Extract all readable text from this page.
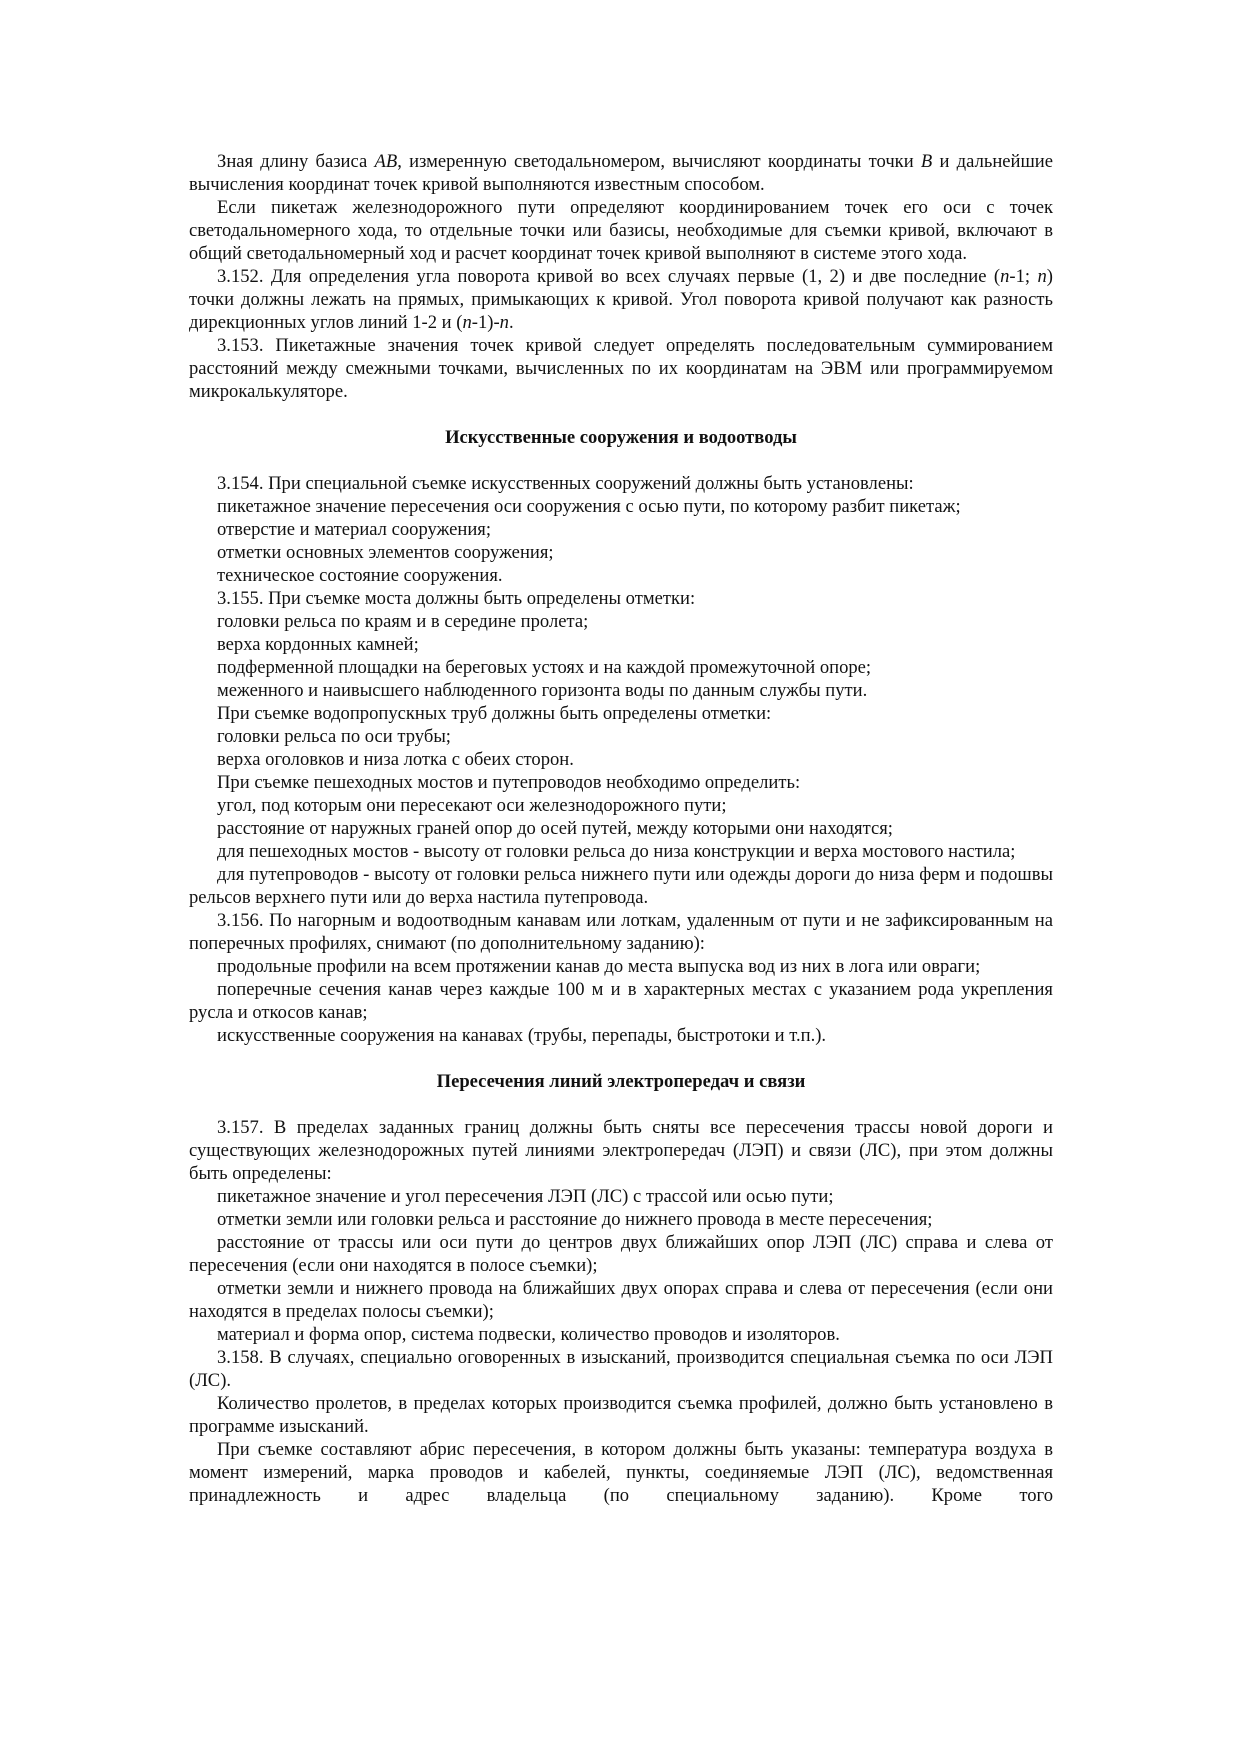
Зная длину базиса AB, измеренную светодальномером, вычисляют координаты точки B и дальнейшие вычисления координат точек кривой выполняются известным способом.

Если пикетаж железнодорожного пути определяют координированием точек его оси с точек светодальномерного хода, то отдельные точки или базисы, необходимые для съемки кривой, включают в общий светодальномерный ход и расчет координат точек кривой выполняют в системе этого хода.

3.152. Для определения угла поворота кривой во всех случаях первые (1, 2) и две последние (n-1; n) точки должны лежать на прямых, примыкающих к кривой. Угол поворота кривой получают как разность дирекционных углов линий 1-2 и (n-1)-n.

3.153. Пикетажные значения точек кривой следует определять последовательным суммированием расстояний между смежными точками, вычисленных по их координатам на ЭВМ или программируемом микрокалькуляторе.

Искусственные сооружения и водоотводы

3.154. При специальной съемке искусственных сооружений должны быть установлены:

пикетажное значение пересечения оси сооружения с осью пути, по которому разбит пикетаж;

отверстие и материал сооружения;

отметки основных элементов сооружения;

техническое состояние сооружения.

3.155. При съемке моста должны быть определены отметки:

головки рельса по краям и в середине пролета;

верха кордонных камней;

подферменной площадки на береговых устоях и на каждой промежуточной опоре;

меженного и наивысшего наблюденного горизонта воды по данным службы пути.

При съемке водопропускных труб должны быть определены отметки:

головки рельса по оси трубы;

верха оголовков и низа лотка с обеих сторон.

При съемке пешеходных мостов и путепроводов необходимо определить:

угол, под которым они пересекают оси железнодорожного пути;

расстояние от наружных граней опор до осей путей, между которыми они находятся;

для пешеходных мостов - высоту от головки рельса до низа конструкции и верха мостового настила;

для путепроводов - высоту от головки рельса нижнего пути или одежды дороги до низа ферм и подошвы рельсов верхнего пути или до верха настила путепровода.

3.156. По нагорным и водоотводным канавам или лоткам, удаленным от пути и не зафиксированным на поперечных профилях, снимают (по дополнительному заданию):

продольные профили на всем протяжении канав до места выпуска вод из них в лога или овраги;

поперечные сечения канав через каждые 100 м и в характерных местах с указанием рода укрепления русла и откосов канав;

искусственные сооружения на канавах (трубы, перепады, быстротоки и т.п.).

Пересечения линий электропередач и связи

3.157. В пределах заданных границ должны быть сняты все пересечения трассы новой дороги и существующих железнодорожных путей линиями электропередач (ЛЭП) и связи (ЛС), при этом должны быть определены:

пикетажное значение и угол пересечения ЛЭП (ЛС) с трассой или осью пути;

отметки земли или головки рельса и расстояние до нижнего провода в месте пересечения;

расстояние от трассы или оси пути до центров двух ближайших опор ЛЭП (ЛС) справа и слева от пересечения (если они находятся в полосе съемки);

отметки земли и нижнего провода на ближайших двух опорах справа и слева от пересечения (если они находятся в пределах полосы съемки);

материал и форма опор, система подвески, количество проводов и изоляторов.

3.158. В случаях, специально оговоренных в изысканий, производится специальная съемка по оси ЛЭП (ЛС).

Количество пролетов, в пределах которых производится съемка профилей, должно быть установлено в программе изысканий.

При съемке составляют абрис пересечения, в котором должны быть указаны: температура воздуха в момент измерений, марка проводов и кабелей, пункты, соединяемые ЛЭП (ЛС), ведомственная принадлежность и адрес владельца (по специальному заданию). Кроме того
